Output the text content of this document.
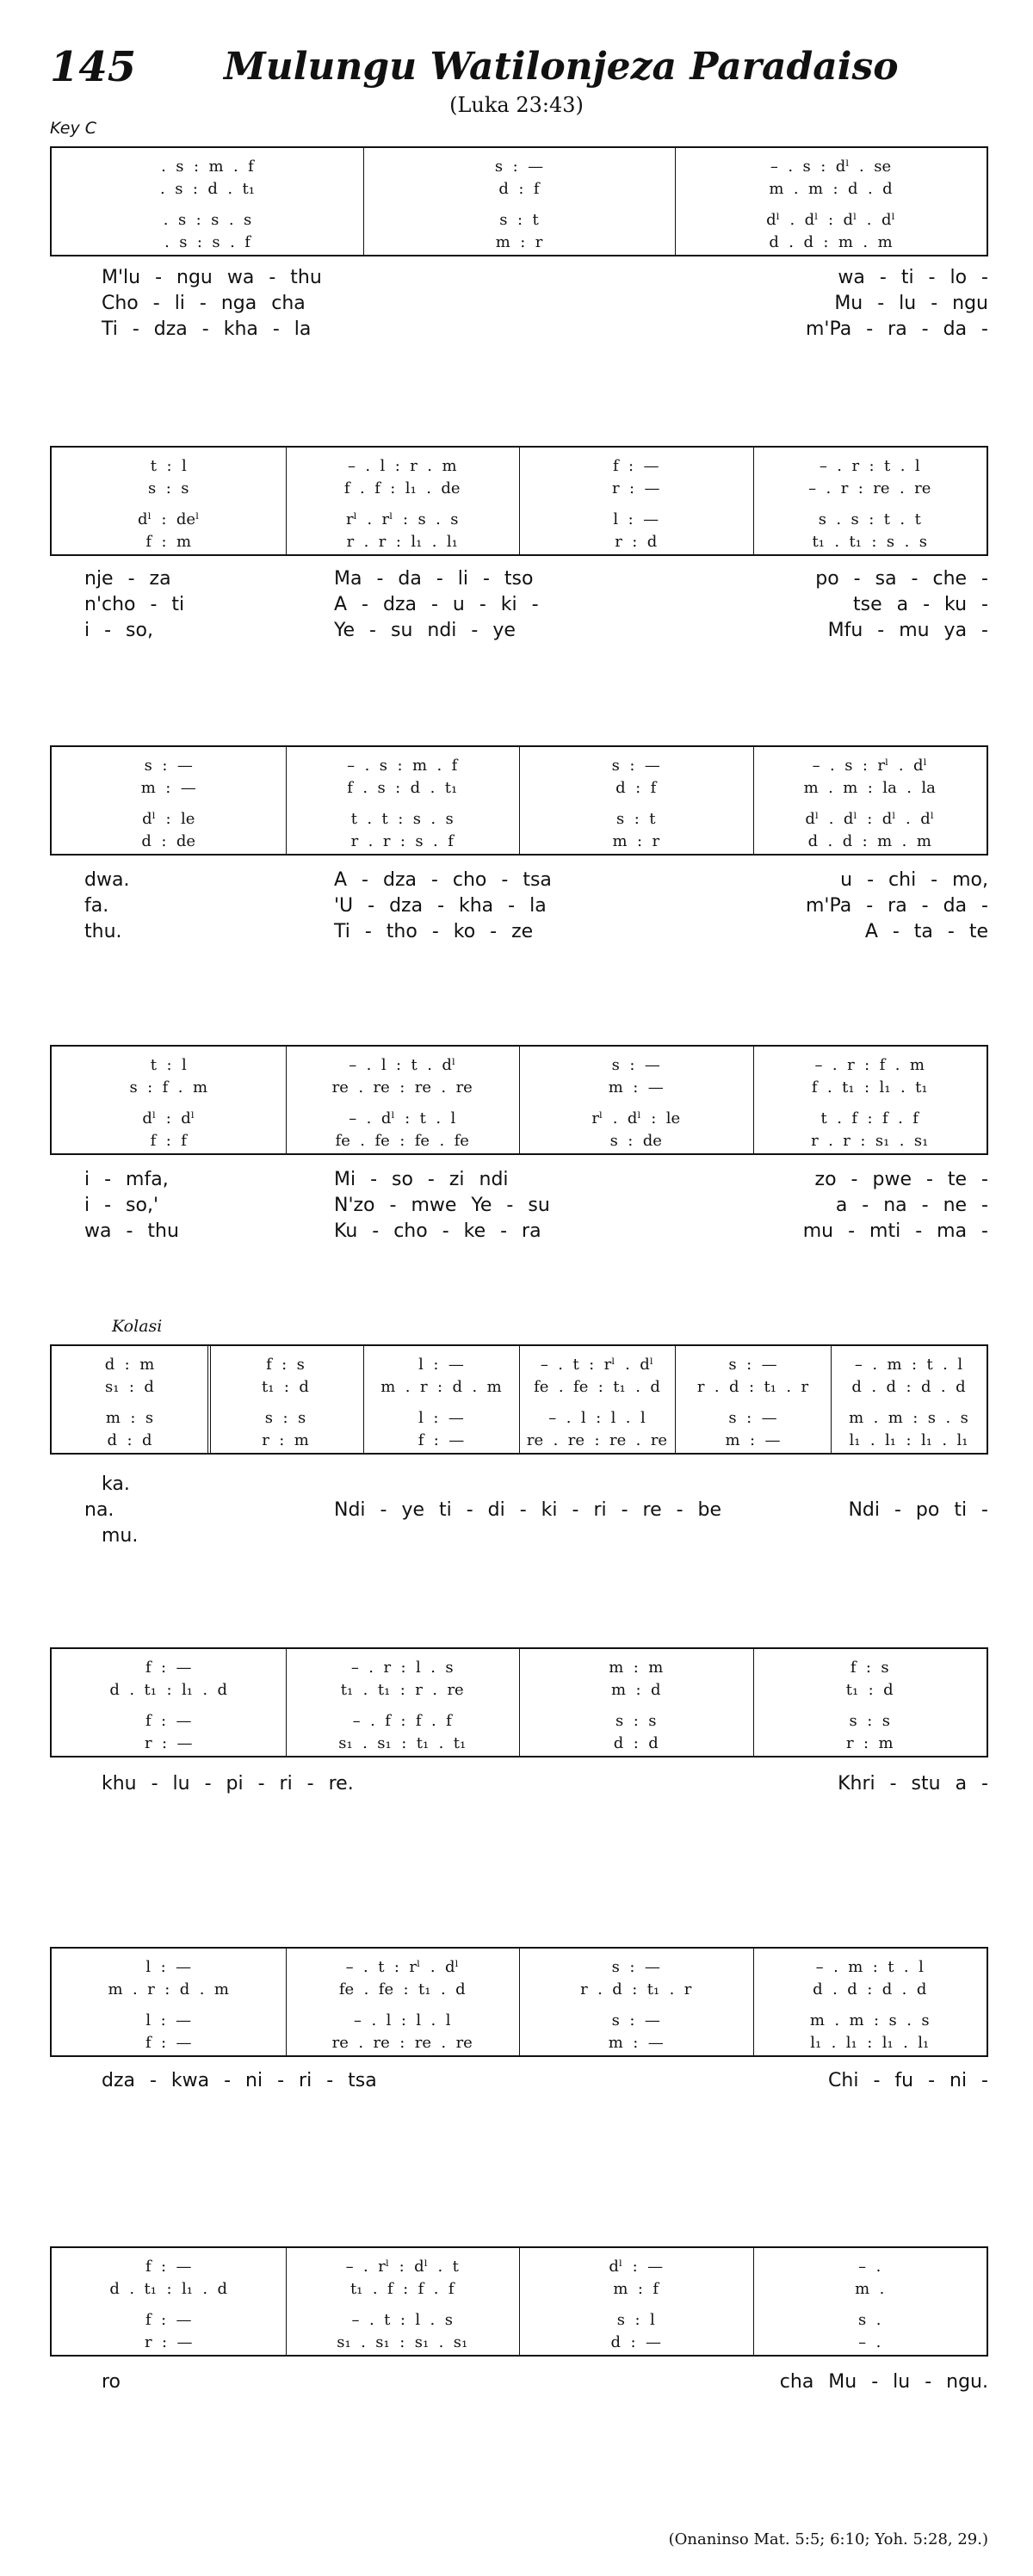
145 Mulungu Watilonjeza Paradaiso
(Luka 23:43)
Key C
Kolasi
.  s  :  m  .  f	s  :  —	–  .  s  :  dˡ  .  se
.  s  :  d  .  t₁	d  :  f	m  .  m  :  d  .  d
.  s  :  s  .  s	s  :  t	dˡ  .  dˡ  :  dˡ  .  dˡ
.  s  :  s  .  f	m  :  r	d  .  d  :  m  .  m
M'lu - ngu wa - thu	wa - ti - lo -
Cho - li - nga cha	Mu - lu - ngu
Ti - dza - kha - la	m'Pa - ra - da -
t  :  l	–  .  l  :  r  .  m	f  :  —	–  .  r  :  t  .  l
s  :  s	f  .  f  :  l₁  .  de	r  :  —	–  .  r  :  re  .  re
dˡ  :  deˡ	rˡ  .  rˡ  :  s  .  s	l  :  —	s  .  s  :  t  .  t
f  :  m	r  .  r  :  l₁  .  l₁	r  :  d	t₁  .  t₁  :  s  .  s
nje - za	Ma - da - li - tso	po - sa - che -
n'cho - ti	A - dza - u - ki -	tse a - ku -
i - so,	Ye - su ndi - ye	Mfu - mu ya -
s  :  —	–  .  s  :  m  .  f	s  :  —	–  .  s  :  rˡ  .  dˡ
m  :  —	f  .  s  :  d  .  t₁	d  :  f	m  .  m  :  la  .  la
dˡ  :  le	t  .  t  :  s  .  s	s  :  t	dˡ  .  dˡ  :  dˡ  .  dˡ
d  :  de	r  .  r  :  s  .  f	m  :  r	d  .  d  :  m  .  m
dwa.	A - dza - cho - tsa	u - chi - mo,
fa.	'U - dza - kha - la	m'Pa - ra - da -
thu.	Ti - tho - ko - ze	A - ta - te
t  :  l	–  .  l  :  t  .  dˡ	s  :  —	–  .  r  :  f  .  m
s  :  f  .  m	re  .  re  :  re  .  re	m  :  —	f  .  t₁  :  l₁  .  t₁
dˡ  :  dˡ	–  .  dˡ  :  t  .  l	rˡ  .  dˡ  :  le	t  .  f  :  f  .  f
f  :  f	fe  .  fe  :  fe  .  fe	s  :  de	r  .  r  :  s₁  .  s₁
i - mfa,	Mi - so - zi ndi	zo - pwe - te -
i - so,'	N'zo - mwe Ye - su	a - na - ne -
wa - thu	Ku - cho - ke - ra	mu - mti - ma -
d  :  m	f  :  s	l  :  —	–  .  t  :  rˡ  .  dˡ	s  :  —	–  .  m  :  t  .  l
s₁  :  d	t₁  :  d	m  .  r  :  d  .  m	fe  .  fe  :  t₁  .  d	r  .  d  :  t₁  .  r	d  .  d  :  d  .  d
m  :  s	s  :  s	l  :  —	–  .  l  :  l  .  l	s  :  —	m  .  m  :  s  .  s
d  :  d	r  :  m	f  :  —	re  .  re  :  re  .  re	m  :  —	l₁  .  l₁  :  l₁  .  l₁
ka.
na.	Ndi - ye ti - di - ki - ri - re - be	Ndi - po ti -
mu.
f  :  —	–  .  r  :  l  .  s	m  :  m	f  :  s
d  .  t₁  :  l₁  .  d	t₁  .  t₁  :  r  .  re	m  :  d	t₁  :  d
f  :  —	–  .  f  :  f  .  f	s  :  s	s  :  s
r  :  —	s₁  .  s₁  :  t₁  .  t₁	d  :  d	r  :  m
khu - lu - pi - ri - re.	Khri - stu a -
l  :  —	–  .  t  :  rˡ  .  dˡ	s  :  —	–  .  m  :  t  .  l
m  .  r  :  d  .  m	fe  .  fe  :  t₁  .  d	r  .  d  :  t₁  .  r	d  .  d  :  d  .  d
l  :  —	–  .  l  :  l  .  l	s  :  —	m  .  m  :  s  .  s
f  :  —	re  .  re  :  re  .  re	m  :  —	l₁  .  l₁  :  l₁  .  l₁
dza - kwa - ni - ri - tsa	Chi - fu - ni -
f  :  —	–  .  rˡ  :  dˡ  .  t	dˡ  :  —	–  .
d  .  t₁  :  l₁  .  d	t₁  .  f  :  f  .  f	m  :  f	m  .
f  :  —	–  .  t  :  l  .  s	s  :  l	s  .
r  :  —	s₁  .  s₁  :  s₁  .  s₁	d  :  —	–  .
ro	cha Mu - lu - ngu.
(Onaninso Mat. 5:5; 6:10; Yoh. 5:28, 29.)
